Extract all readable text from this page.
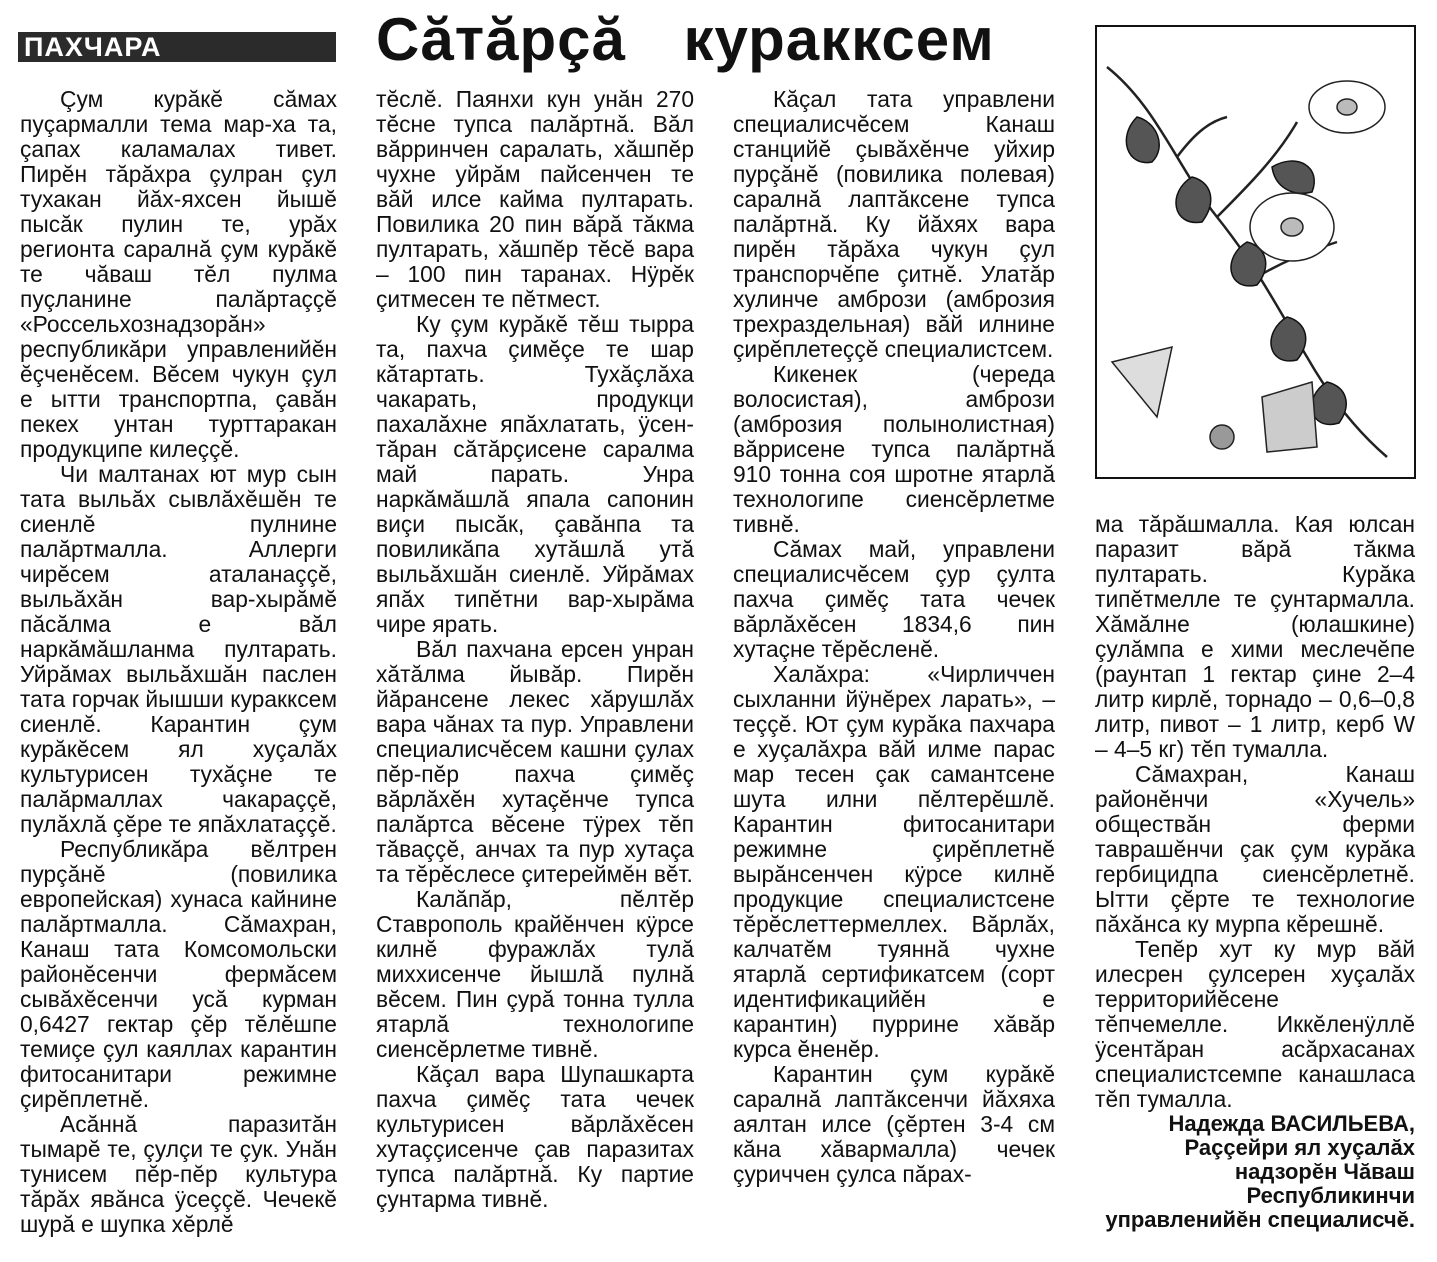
ПАХЧАРА	Сăтăрçă куракксем

Çум курăкĕ сăмах пуçармалли тема мар-ха та, çапах каламалах тивет. Пирĕн тăрăхра çулран çул тухакан йăх-яхсен йышĕ пысăк пулин те, урăх регионта саралнă çум курăкĕ те чăваш тĕл пулма пуçланине палăртаççĕ «Россельхознадзорăн» республикăри управленийĕн ĕçченĕсем. Вĕсем чукун çул е ытти транспортпа, çавăн пекех унтан турттаракан продукципе килеççĕ.

Чи малтанах ют мур сын тата выльăх сывлăхĕшĕн те сиенлĕ пулнине палăртмалла. Аллерги чирĕсем аталанаççĕ, выльăхăн вар-хырăмĕ пăсăлма е вăл наркăмăшланма пултарать. Уйрăмах выльăхшăн паслен тата горчак йышши куракксем сиенлĕ. Карантин çум курăкĕсем ял хуçалăх культурисен тухăçне те палăрмаллах чакараççĕ, пулăхлă çĕре те япăхлатаççĕ.

Республикăра вĕлтрен пурçăнĕ (повилика европейская) хунаса кайнине палăртмалла. Сăмахран, Канаш тата Комсомольски районĕсенчи фермăсем сывăхĕсенчи усă курман 0,6427 гектар çĕр тĕлĕшпе темиçе çул каяллах карантин фитосанитари режимне çирĕплетнĕ.

Асăннă паразитăн тымарĕ те, çулçи те çук. Унăн тунисем пĕр-пĕр культура тăрăх явăнса ÿсеççĕ. Чечекĕ шурă е шупка хĕрлĕ

тĕслĕ. Паянхи кун унăн 270 тĕсне тупса палăртнă. Вăл вăрринчен саралать, хăшпĕр чухне уйрăм пайсенчен те вăй илсе каймa пултарать. Повилика 20 пин вăрă тăкма пултарать, хăшпĕр тĕсĕ вара – 100 пин таранах. Нÿрĕк çитмесен те пĕтмест.

Ку çум курăкĕ тĕш тырра та, пахча çимĕçе те шар кăтартать. Тухăçлăха чакарать, продукци пахалăхне япăхлатать, ÿсен-тăран сăтăрçисене саралма май парать. Унра наркăмăшлă япала сапонин виçи пысăк, çавăнпа та повиликăпа хутăшлă утă выльăхшăн сиенлĕ. Уйрăмах япăх типĕтни вар-хырăма чире ярать.

Вăл пахчана ерсен унран хăтăлма йывăр. Пирĕн йăрансене лекес хăрушлăх вара чăнах та пур. Управлени специалисчĕсем кашни çулах пĕр-пĕр пахча çимĕç вăрлăхĕн хутаçĕнче тупса палăртса вĕсене тÿрех тĕп тăваççĕ, анчах та пур хутаçа та тĕрĕслесе çитереймĕн вĕт.

Калăпăр, пĕлтĕр Ставрополь крайĕнчен кÿрсе килнĕ фуражлăх тулă миххисенче йышлă пулнă вĕсем. Пин çурă тонна тулла ятарлă технологипе сиенсĕрлетме тивнĕ.

Кăçал вара Шупашкарта пахча çимĕç тата чечек культурисен вăрлăхĕсен хутаççисенче çав паразитах тупса палăртнă. Ку партие çунтарма тивнĕ.

Кăçал тата управлени специалисчĕсем Канаш станцийĕ çывăхĕнче уйхир пурçăнĕ (повилика полевая) саралнă лаптăксене тупса палăртнă. Ку йăхях вара пирĕн тăрăха чукун çул транспорчĕпе çитнĕ. Улатăр хулинче амбрози (амброзия трехраздельная) вăй илнине çирĕплетеççĕ специалистсем.

Кикенек (череда волосистая), амбрози (амброзия полынолистная) вăррисене тупса палăртнă 910 тонна соя шротне ятарлă технологипе сиенсĕрлетме тивнĕ.

Сăмах май, управлени специалисчĕсем çур çулта пахча çимĕç тата чечек вăрлăхĕсен 1834,6 пин хутаçне тĕрĕсленĕ.

Халăхра: «Чирличчен сыхланни йÿнĕрех ларать», – теççĕ. Ют çум курăка пахчара е хуçалăхра вăй илме парас мар тесен çак самантсене шута илни пĕлтерĕшлĕ. Карантин фитосанитари режимне çирĕплетнĕ вырăнсенчен кÿрсе килнĕ продукцие специалистсене тĕрĕслеттермеллех. Вăрлăх, калчатĕм туяннă чухне ятарлă сертификатсем (сорт идентификацийĕн е карантин) пуррине хăвăр курса ĕненĕр.

Карантин çум курăкĕ саралнă лаптăксенчи йăхяха аялтан илсе (çĕртен 3-4 см кăна хăвармалла) чечек çуриччен çулса пăрах-

ма тăрăшмалла. Кая юлсан паразит вăрă тăкма пултарать. Курăка типĕтмелле те çунтармалла. Хăмăлне (юлашкине) çулăмпа е хими меслечĕпе (раунтап 1 гектар çине 2–4 литр кирлĕ, торнадо – 0,6–0,8 литр, пивот – 1 литр, керб W – 4–5 кг) тĕп тумалла.

Сăмахран, Канаш районĕнчи «Хучель» обществăн ферми таврашĕнчи çак çум курăка гербицидпа сиенсĕрлетнĕ. Ытти çĕрте те технологие пăхăнса ку мурпа кĕрешнĕ.

Тепĕр хут ку мур вăй илесрен çулсерен хуçалăх территорийĕсене тĕпчемелле. Иккĕленÿллĕ ÿсентăран асăрхасанах специалистсемпе канашласа тĕп тумалла.

Надежда ВАСИЛЬЕВА,

Раççейри ял хуçалăх надзорĕн Чăваш Республикинчи управленийĕн специалисчĕ.
